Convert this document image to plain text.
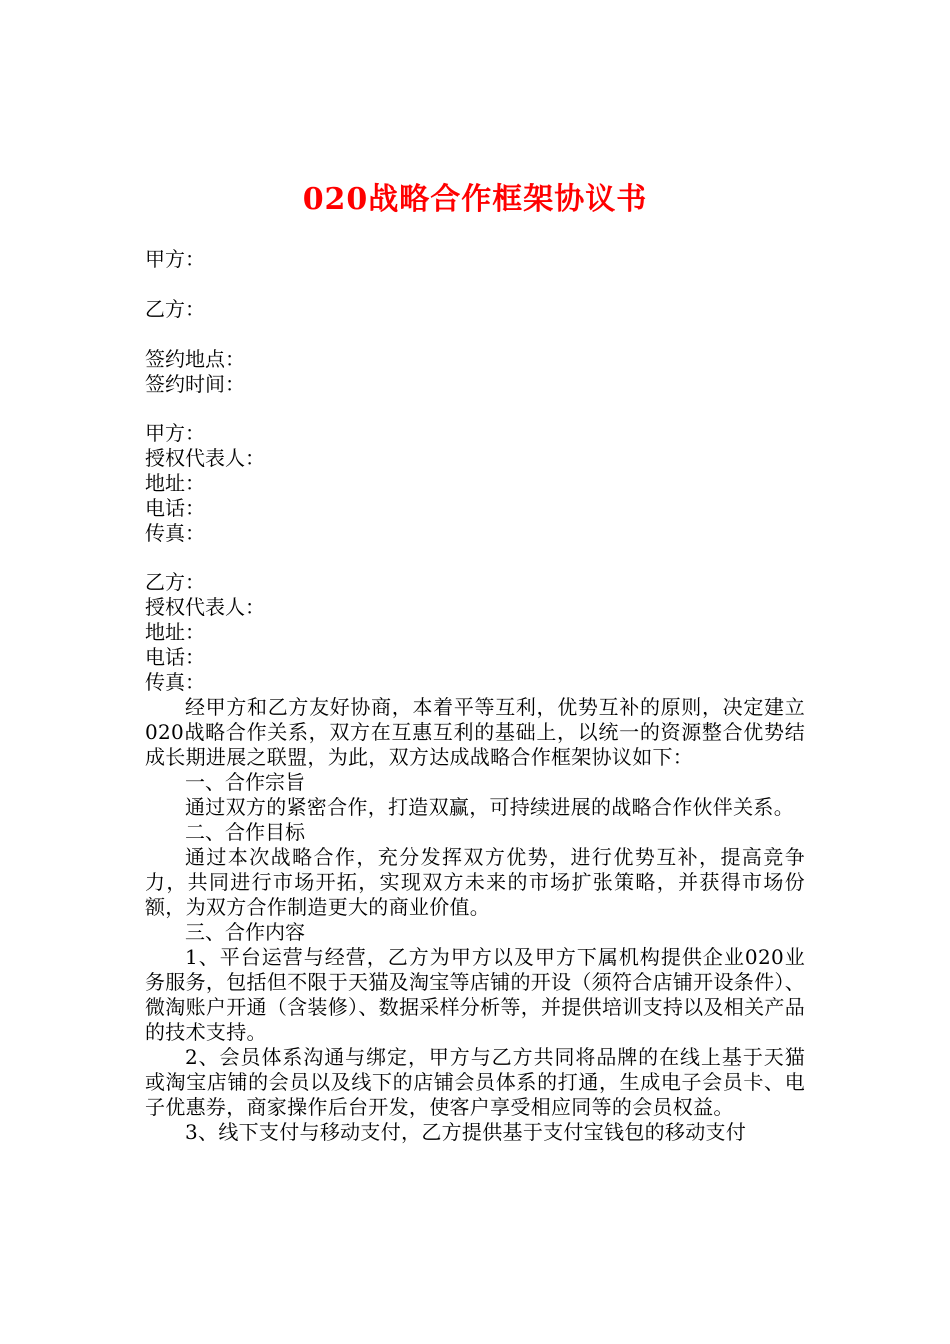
020战略合作框架协议书
甲方：
乙方：
签约地点：
签约时间：
甲方：
授权代表人：
地址：
电话：
传真：
乙方：
授权代表人：
地址：
电话：
传真：
经甲方和乙方友好协商，本着平等互利，优势互补的原则，决定建立020战略合作关系，双方在互惠互利的基础上，以统一的资源整合优势结成长期进展之联盟，为此，双方达成战略合作框架协议如下：
一、合作宗旨
通过双方的紧密合作，打造双赢，可持续进展的战略合作伙伴关系。
二、合作目标
通过本次战略合作，充分发挥双方优势，进行优势互补，提高竞争力，共同进行市场开拓，实现双方未来的市场扩张策略，并获得市场份额，为双方合作制造更大的商业价值。
三、合作内容
1、平台运营与经营，乙方为甲方以及甲方下属机构提供企业020业务服务，包括但不限于天猫及淘宝等店铺的开设（须符合店铺开设条件）、微淘账户开通（含装修）、数据采样分析等，并提供培训支持以及相关产品的技术支持。
2、会员体系沟通与绑定，甲方与乙方共同将品牌的在线上基于天猫或淘宝店铺的会员以及线下的店铺会员体系的打通，生成电子会员卡、电子优惠券，商家操作后台开发，使客户享受相应同等的会员权益。
3、线下支付与移动支付，乙方提供基于支付宝钱包的移动支付
